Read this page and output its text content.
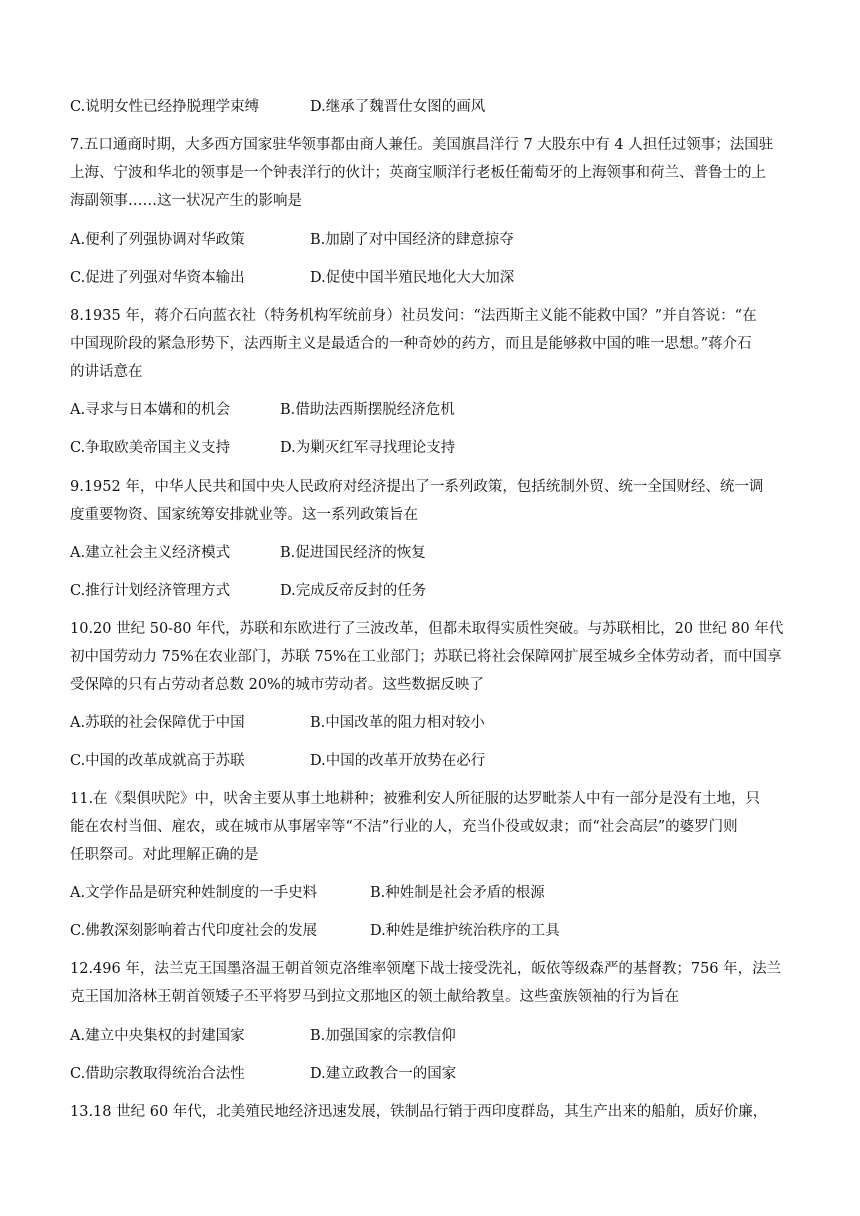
C.说明女性已经挣脱理学束缚	D.继承了魏晋仕女图的画风
7.五口通商时期，大多西方国家驻华领事都由商人兼任。美国旗昌洋行 7 大股东中有 4 人担任过领事；法国驻
上海、宁波和华北的领事是一个钟表洋行的伙计；英商宝顺洋行老板任葡萄牙的上海领事和荷兰、普鲁士的上
海副领事……这一状况产生的影响是
A.便利了列强协调对华政策	B.加剧了对中国经济的肆意掠夺
C.促进了列强对华资本输出	D.促使中国半殖民地化大大加深
8.1935 年，蒋介石向蓝衣社（特务机构军统前身）社员发问：“法西斯主义能不能救中国？”并自答说：“在
中国现阶段的紧急形势下，法西斯主义是最适合的一种奇妙的药方，而且是能够救中国的唯一思想。”蒋介石
的讲话意在
A.寻求与日本媾和的机会	B.借助法西斯摆脱经济危机
C.争取欧美帝国主义支持	D.为剿灭红军寻找理论支持
9.1952 年，中华人民共和国中央人民政府对经济提出了一系列政策，包括统制外贸、统一全国财经、统一调
度重要物资、国家统筹安排就业等。这一系列政策旨在
A.建立社会主义经济模式	B.促进国民经济的恢复
C.推行计划经济管理方式	D.完成反帝反封的任务
10.20 世纪 50-80 年代，苏联和东欧进行了三波改革，但都未取得实质性突破。与苏联相比，20 世纪 80 年代
初中国劳动力 75%在农业部门，苏联 75%在工业部门；苏联已将社会保障网扩展至城乡全体劳动者，而中国享
受保障的只有占劳动者总数 20%的城市劳动者。这些数据反映了
A.苏联的社会保障优于中国	B.中国改革的阻力相对较小
C.中国的改革成就高于苏联	D.中国的改革开放势在必行
11.在《梨俱吠陀》中，吠舍主要从事土地耕种；被雅利安人所征服的达罗毗荼人中有一部分是没有土地，只
能在农村当佃、雇农，或在城市从事屠宰等“不洁”行业的人，充当仆役或奴隶；而“社会高层”的婆罗门则
任职祭司。对此理解正确的是
A.文学作品是研究种姓制度的一手史料	B.种姓制是社会矛盾的根源
C.佛教深刻影响着古代印度社会的发展	D.种姓是维护统治秩序的工具
12.496 年，法兰克王国墨洛温王朝首领克洛维率领麾下战士接受洗礼，皈依等级森严的基督教；756 年，法兰
克王国加洛林王朝首领矮子丕平将罗马到拉文那地区的领土献给教皇。这些蛮族领袖的行为旨在
A.建立中央集权的封建国家	B.加强国家的宗教信仰
C.借助宗教取得统治合法性	D.建立政教合一的国家
13.18 世纪 60 年代，北美殖民地经济迅速发展，铁制品行销于西印度群岛，其生产出来的船舶，质好价廉，
